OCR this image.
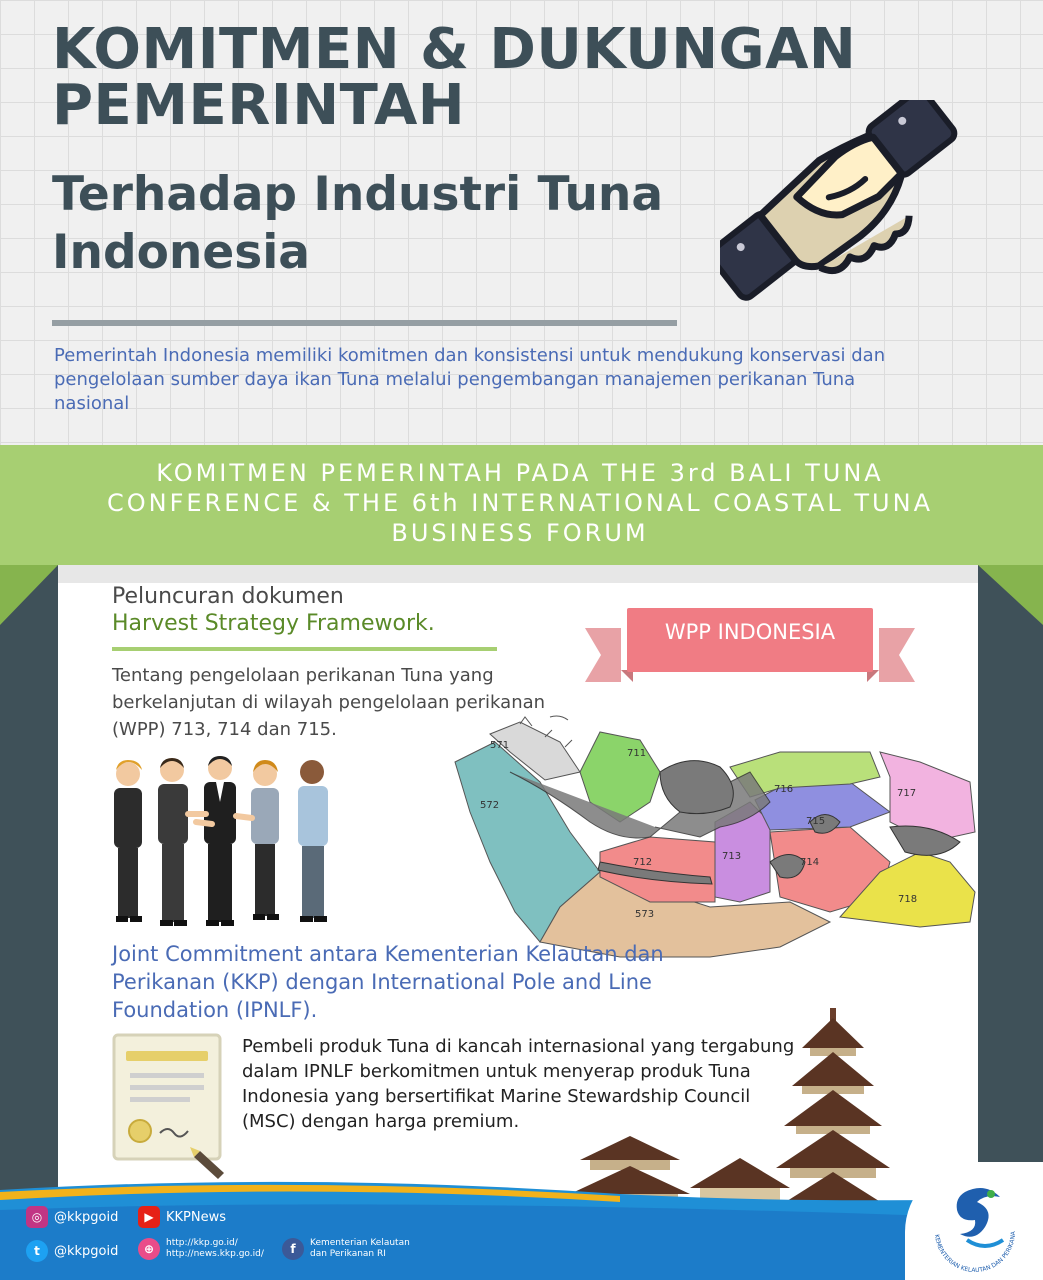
KOMITMEN & DUKUNGAN PEMERINTAH
Terhadap Industri Tuna Indonesia

Pemerintah Indonesia memiliki komitmen dan konsistensi untuk mendukung konservasi dan pengelolaan sumber daya ikan Tuna melalui pengembangan manajemen perikanan Tuna nasional

KOMITMEN PEMERINTAH PADA THE 3rd BALI TUNA CONFERENCE & THE 6th INTERNATIONAL COASTAL TUNA BUSINESS FORUM

Peluncuran dokumen
Harvest Strategy Framework.

Tentang pengelolaan perikanan Tuna yang berkelanjutan di wilayah pengelolaan perikanan (WPP) 713, 714 dan 715.

WPP INDONESIA
571
572
573
711
712
713
714
715
716	717
718

Joint Commitment antara Kementerian Kelautan dan Perikanan (KKP) dengan International Pole and Line Foundation (IPNLF).

Pembeli produk Tuna di kancah internasional yang tergabung dalam IPNLF berkomitmen untuk menyerap produk Tuna Indonesia yang bersertifikat Marine Stewardship Council (MSC) dengan harga premium.

◎ @kkpgoid	▶ KKPNews
t	@kkpgoid	⊕	http://kkp.go.id/
http://news.kkp.go.id/	f	Kementerian Kelautan
dan Perikanan RI
KEMENTERIAN KELAUTAN DAN PERIKANA
